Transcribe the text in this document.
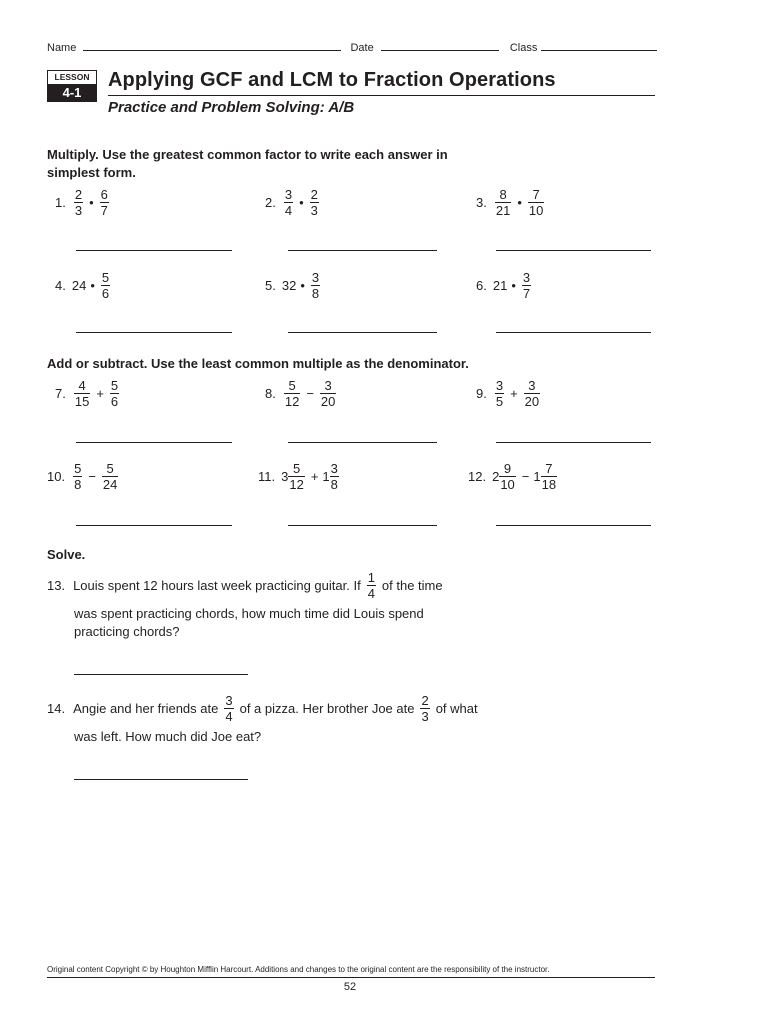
Name	Date	Class
LESSON
4-1
Applying GCF and LCM to Fraction Operations
Practice and Problem Solving: A/B
Multiply. Use the greatest common factor to write each answer in
simplest form.
1. $\frac{2}{3}$ • $\frac{6}{7}$	2. $\frac{3}{4}$ • $\frac{2}{3}$	3. $\frac{8}{21}$ • $\frac{7}{10}$
4. 24 • $\frac{5}{6}$	5. 32 • $\frac{3}{8}$	6. 21 • $\frac{3}{7}$
Add or subtract. Use the least common multiple as the denominator.
7. $\frac{4}{15} + \frac{5}{6}$	8. $\frac{5}{12} - \frac{3}{20}$	9. $\frac{3}{5} + \frac{3}{20}$
10. $\frac{5}{8} - \frac{5}{24}$	11. $3 \frac{5}{12} + 1 \frac{3}{8}$	12. $2 \frac{9}{10} - 1 \frac{7}{18}$
Solve.
13. Louis spent 12 hours last week practicing guitar. If $\frac{1}{4}$ of the time
was spent practicing chords, how much time did Louis spend
practicing chords?
14. Angie and her friends ate $\frac{3}{4}$ of a pizza. Her brother Joe ate $\frac{2}{3}$ of what
was left. How much did Joe eat?
Original content Copyright © by Houghton Mifflin Harcourt. Additions and changes to the original content are the responsibility of the instructor.
52
